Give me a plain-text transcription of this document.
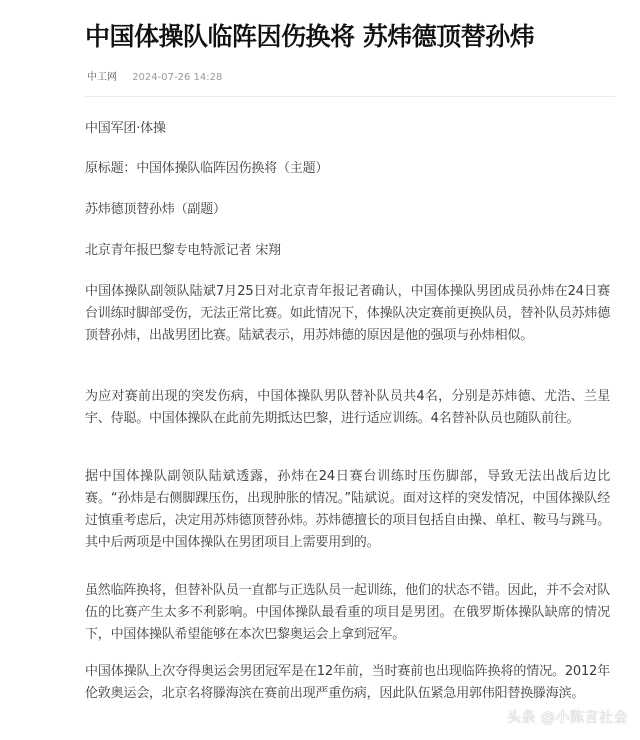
中国体操队临阵因伤换将 苏炜德顶替孙炜
中工网 2024-07-26 14:28

中国军团·体操

原标题：中国体操队临阵因伤换将（主题）

苏炜德顶替孙炜（副题）

北京青年报巴黎专电特派记者 宋翔

中国体操队副领队陆斌7月25日对北京青年报记者确认，中国体操队男团成员孙炜在24日赛台训练时脚部受伤，无法正常比赛。如此情况下，体操队决定赛前更换队员，替补队员苏炜德顶替孙炜，出战男团比赛。陆斌表示，用苏炜德的原因是他的强项与孙炜相似。

为应对赛前出现的突发伤病，中国体操队男队替补队员共4名，分别是苏炜德、尤浩、兰星宇、侍聪。中国体操队在此前先期抵达巴黎，进行适应训练。4名替补队员也随队前往。

据中国体操队副领队陆斌透露，孙炜在24日赛台训练时压伤脚部，导致无法出战后边比赛。“孙炜是右侧脚踝压伤，出现肿胀的情况。”陆斌说。面对这样的突发情况，中国体操队经过慎重考虑后，决定用苏炜德顶替孙炜。苏炜德擅长的项目包括自由操、单杠、鞍马与跳马。其中后两项是中国体操队在男团项目上需要用到的。

虽然临阵换将，但替补队员一直都与正选队员一起训练，他们的状态不错。因此，并不会对队伍的比赛产生太多不利影响。中国体操队最看重的项目是男团。在俄罗斯体操队缺席的情况下，中国体操队希望能够在本次巴黎奥运会上拿到冠军。

中国体操队上次夺得奥运会男团冠军是在12年前，当时赛前也出现临阵换将的情况。2012年伦敦奥运会，北京名将滕海滨在赛前出现严重伤病，因此队伍紧急用郭伟阳替换滕海滨。

头条 @小陈言社会
